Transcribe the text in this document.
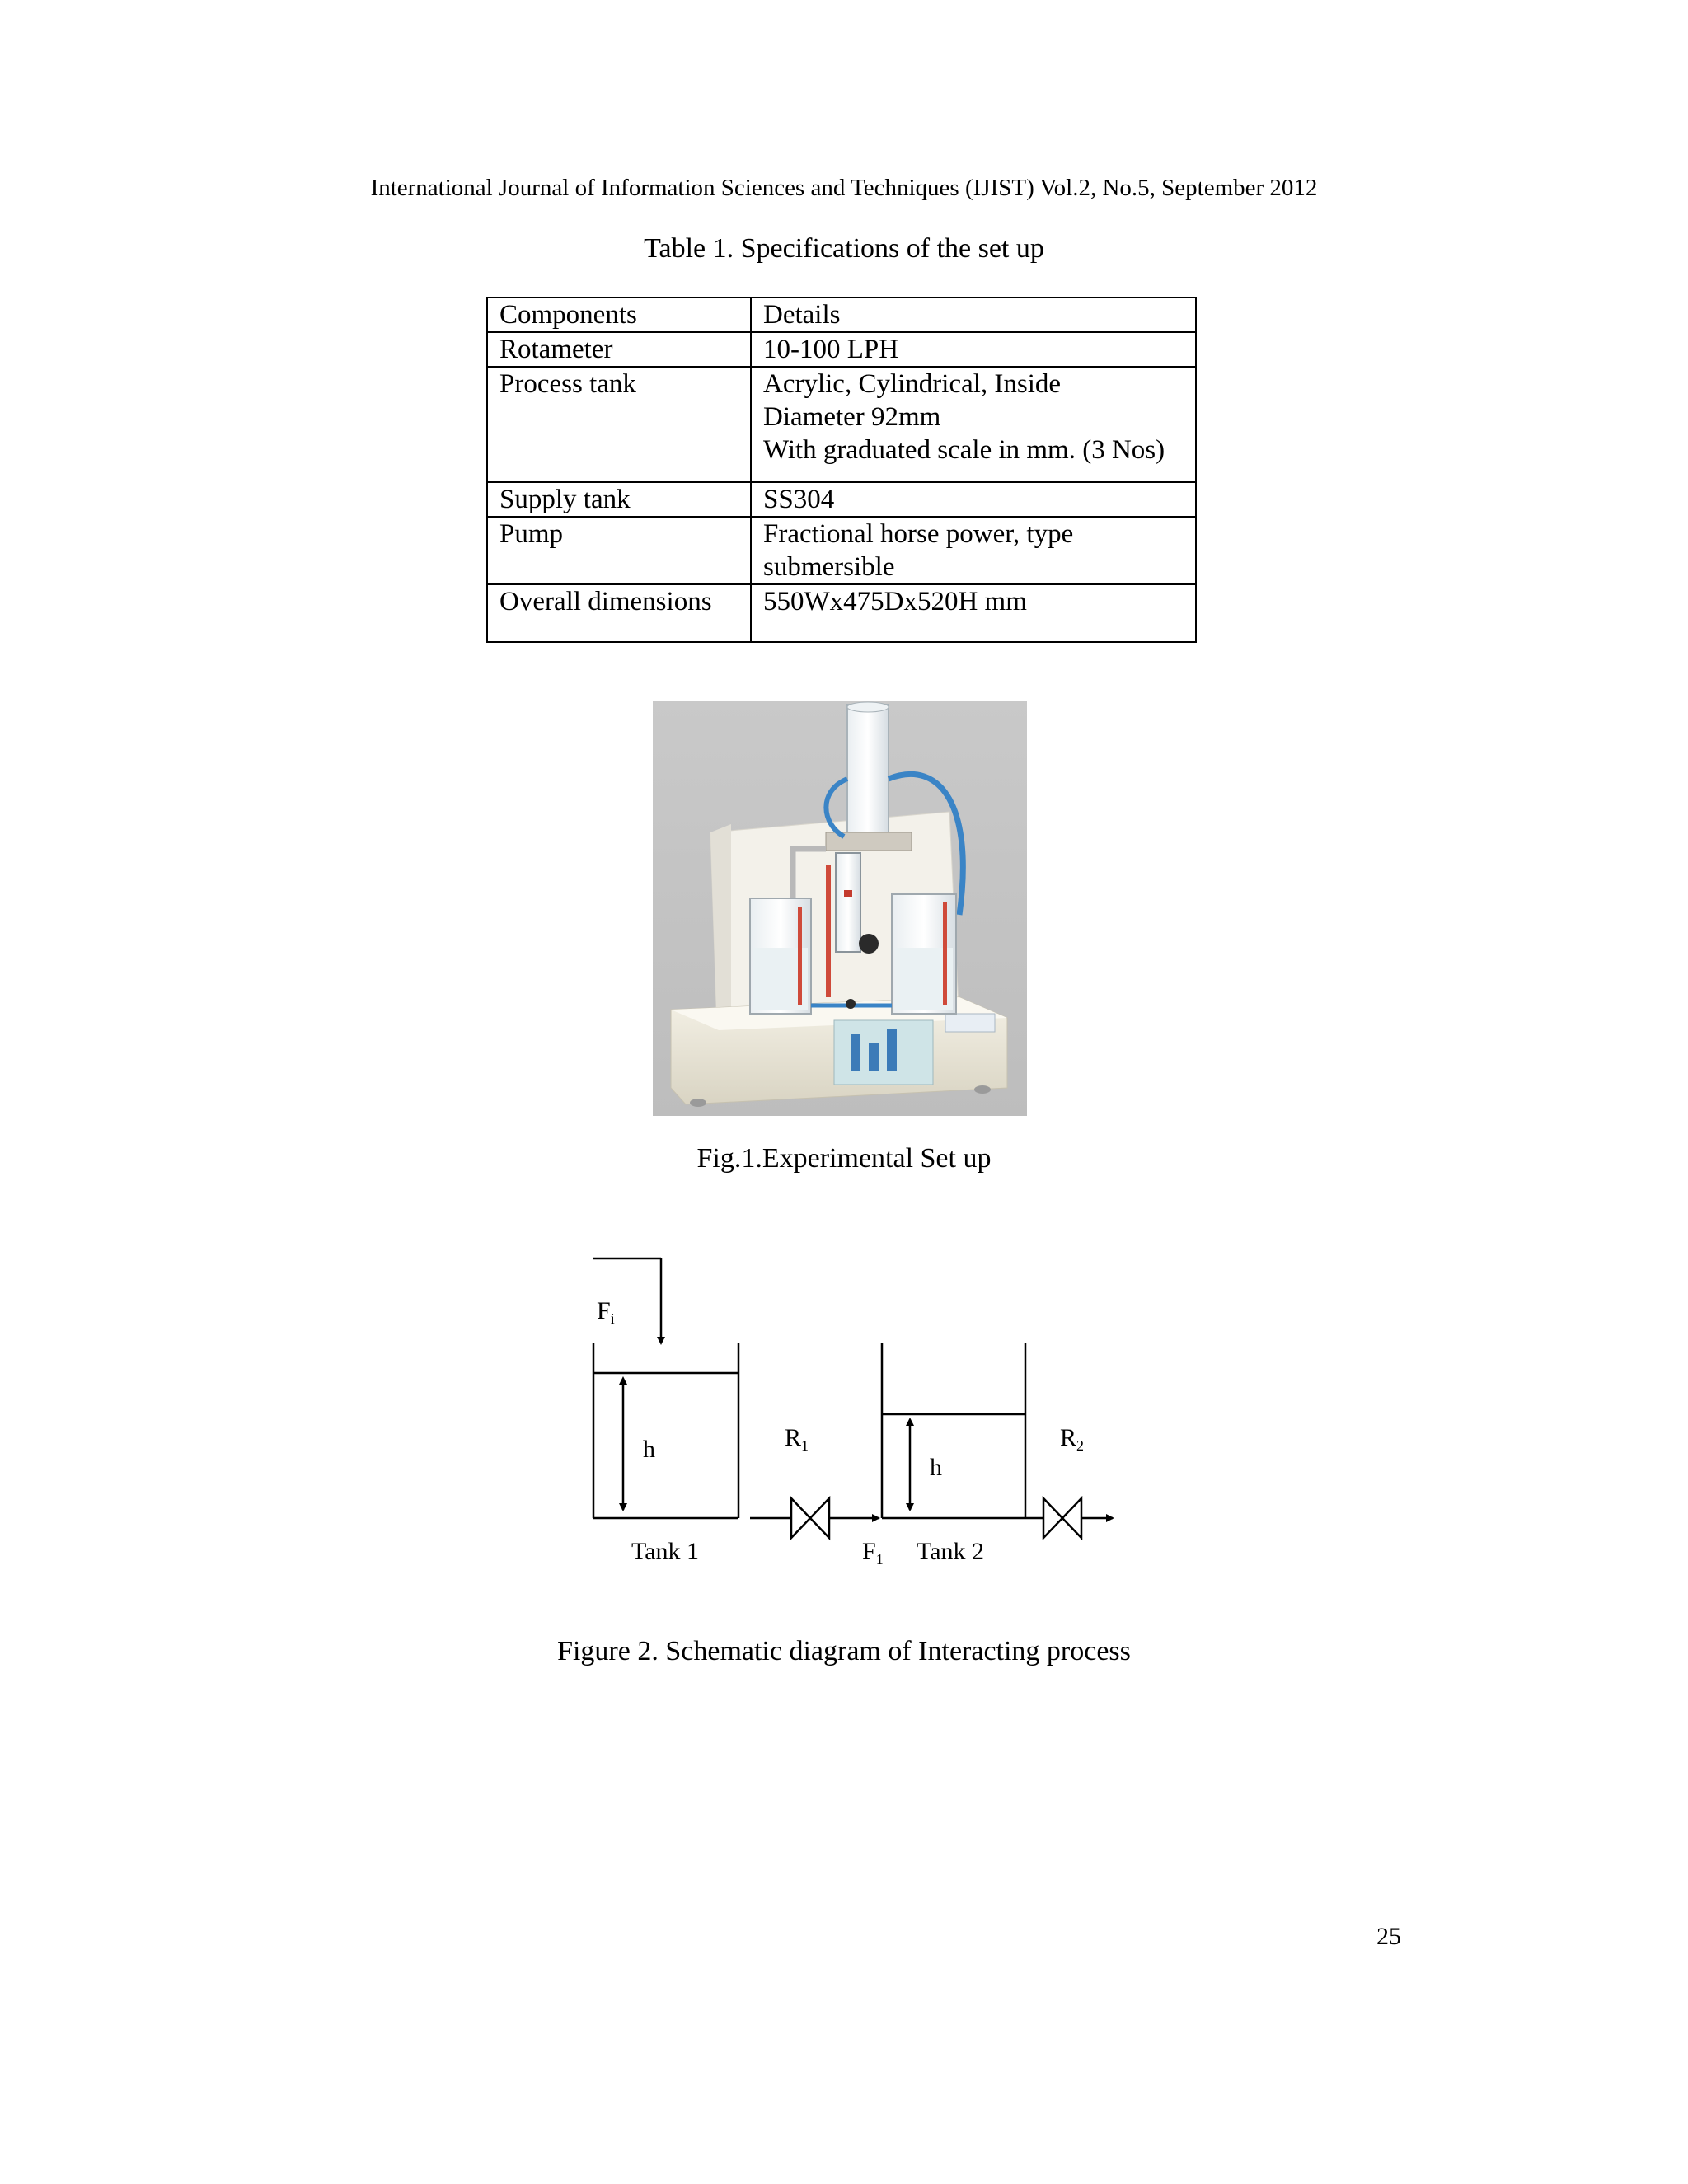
International Journal of Information Sciences and Techniques (IJIST) Vol.2, No.5, September 2012
Table 1. Specifications of the set up
Components	Details
Rotameter	10-100 LPH
Process tank	Acrylic, Cylindrical, Inside
Diameter 92mm
With graduated scale in mm. (3 Nos)
Supply tank	SS304
Pump	Fractional horse power, type
submersible
Overall dimensions	550Wx475Dx520H mm
Fig.1.Experimental Set up
$F_i$
h	$R_1$
h
$R_2$
Tank 1	$F_1$ Tank 2
Figure 2. Schematic diagram of Interacting process
25
